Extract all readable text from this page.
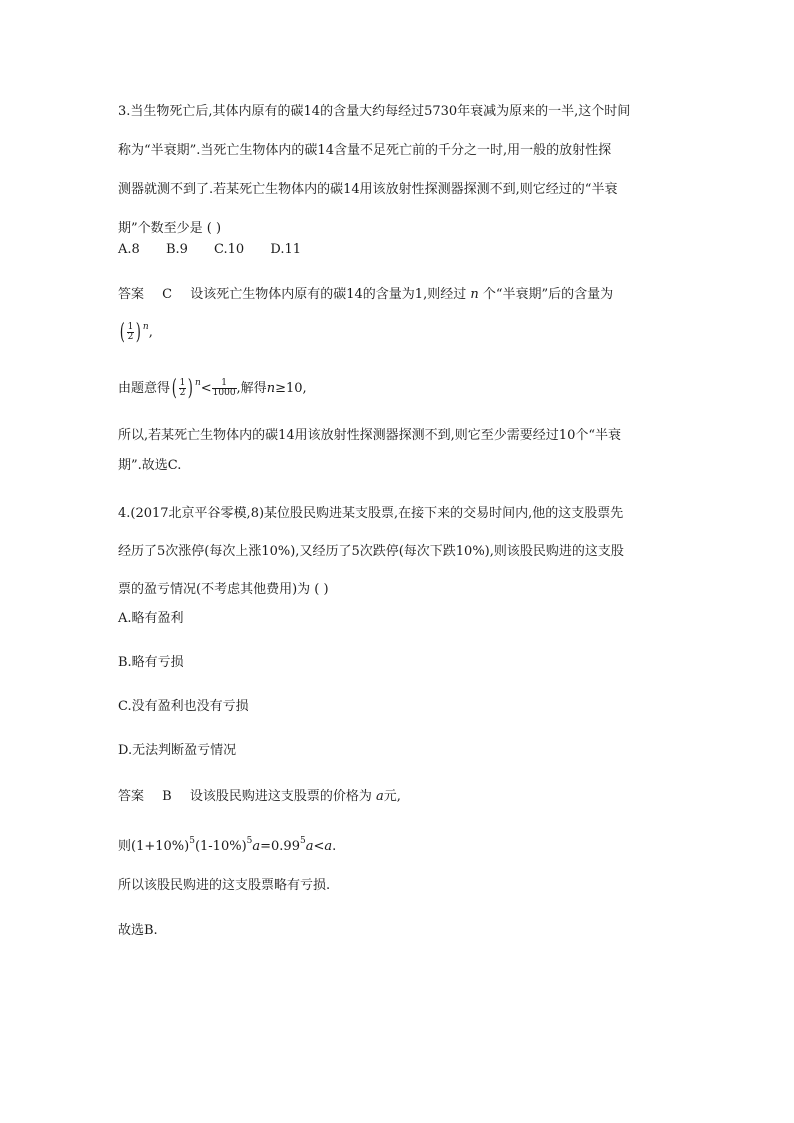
3.当生物死亡后,其体内原有的碳14的含量大约每经过5730年衰减为原来的一半,这个时间
称为“半衰期”.当死亡生物体内的碳14含量不足死亡前的千分之一时,用一般的放射性探
测器就测不到了.若某死亡生物体内的碳14用该放射性探测器探测不到,则它经过的“半衰
期”个数至少是 ( )
A.8 B.9 C.10 D.11
答案 C 设该死亡生物体内原有的碳14的含量为1,则经过 n 个“半衰期”后的含量为
( $\frac{1}{2}$ ) $^n$,
由题意得( $\frac{1}{2}$ ) $^n< \frac{1}{1000}$ ,解得n≥10,
所以,若某死亡生物体内的碳14用该放射性探测器探测不到,则它至少需要经过10个“半衰
期”.故选C.
4.(2017北京平谷零模,8)某位股民购进某支股票,在接下来的交易时间内,他的这支股票先
经历了5次涨停(每次上涨10%),又经历了5次跌停(每次下跌10%),则该股民购进的这支股
票的盈亏情况(不考虑其他费用)为 ( )
A.略有盈利
B.略有亏损
C.没有盈利也没有亏损
D.无法判断盈亏情况
答案 B 设该股民购进这支股票的价格为 a元,
则$(1+10\%)^5(1-10\%)^5a=0.99^5a<a$.
所以该股民购进的这支股票略有亏损.
故选B.
